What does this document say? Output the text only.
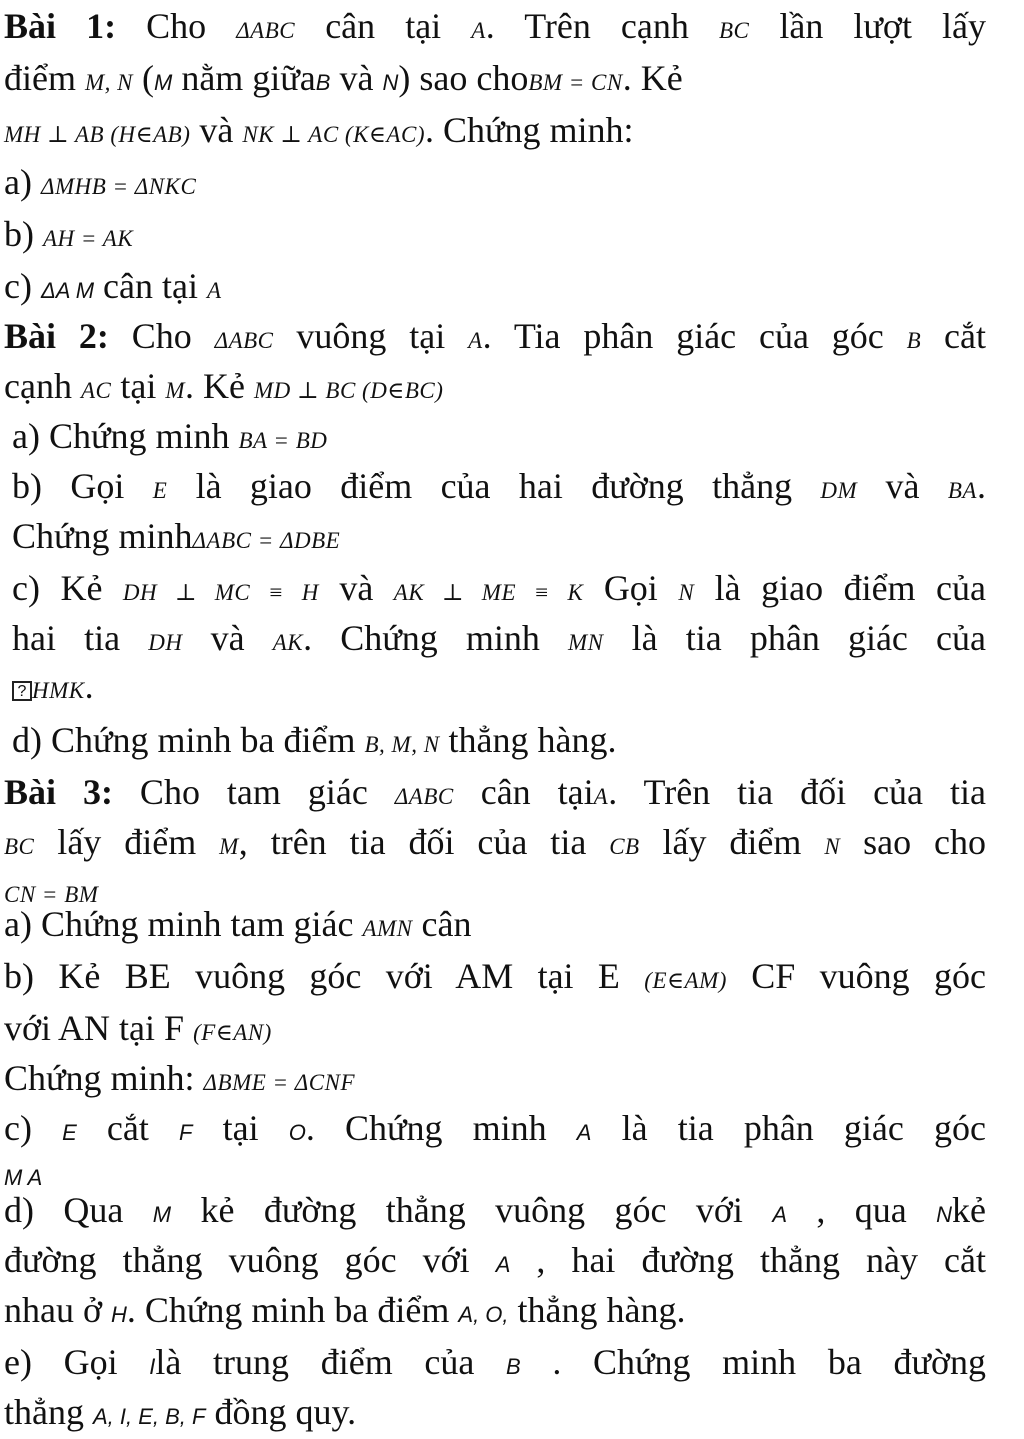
Bài 1: Cho ΔABC cân tại A. Trên cạnh BC lần lượt lấy
điểm M, N (M nằm giữaB và N) sao choBM = CN. Kẻ
MH ⊥ AB (H∈AB) và NK ⊥ AC (K∈AC). Chứng minh:
a) ΔMHB = ΔNKC
b) AH = AK
c) ΔA M cân tại A
Bài 2: Cho ΔABC vuông tại A. Tia phân giác của góc B cắt
cạnh AC tại M. Kẻ MD ⊥ BC (D∈BC)
a) Chứng minh BA = BD
b) Gọi E là giao điểm của hai đường thẳng DM và BA.
Chứng minhΔABC = ΔDBE
c) Kẻ DH ⊥ MC ≡ H và AK ⊥ ME ≡ K Gọi N là giao điểm của
hai tia DH và AK. Chứng minh MN là tia phân giác của
? HMK.
d) Chứng minh ba điểm B, M, N thẳng hàng.
Bài 3: Cho tam giác ΔABC cân tạiA. Trên tia đối của tia
BC lấy điểm M, trên tia đối của tia CB lấy điểm N sao cho
CN = BM
a) Chứng minh tam giác AMN cân
b) Kẻ BE vuông góc với AM tại E (E∈AM) CF vuông góc
với AN tại F (F∈AN)
Chứng minh: ΔBME = ΔCNF
c) E cắt F tại O. Chứng minh A là tia phân giác góc
M A
d) Qua M kẻ đường thẳng vuông góc với A , qua Nkẻ
đường thẳng vuông góc với A , hai đường thẳng này cắt
nhau ở H. Chứng minh ba điểm A, O, thẳng hàng.
e) Gọi Ilà trung điểm của B . Chứng minh ba đường
thẳng A, I, E, B, F đồng quy.
